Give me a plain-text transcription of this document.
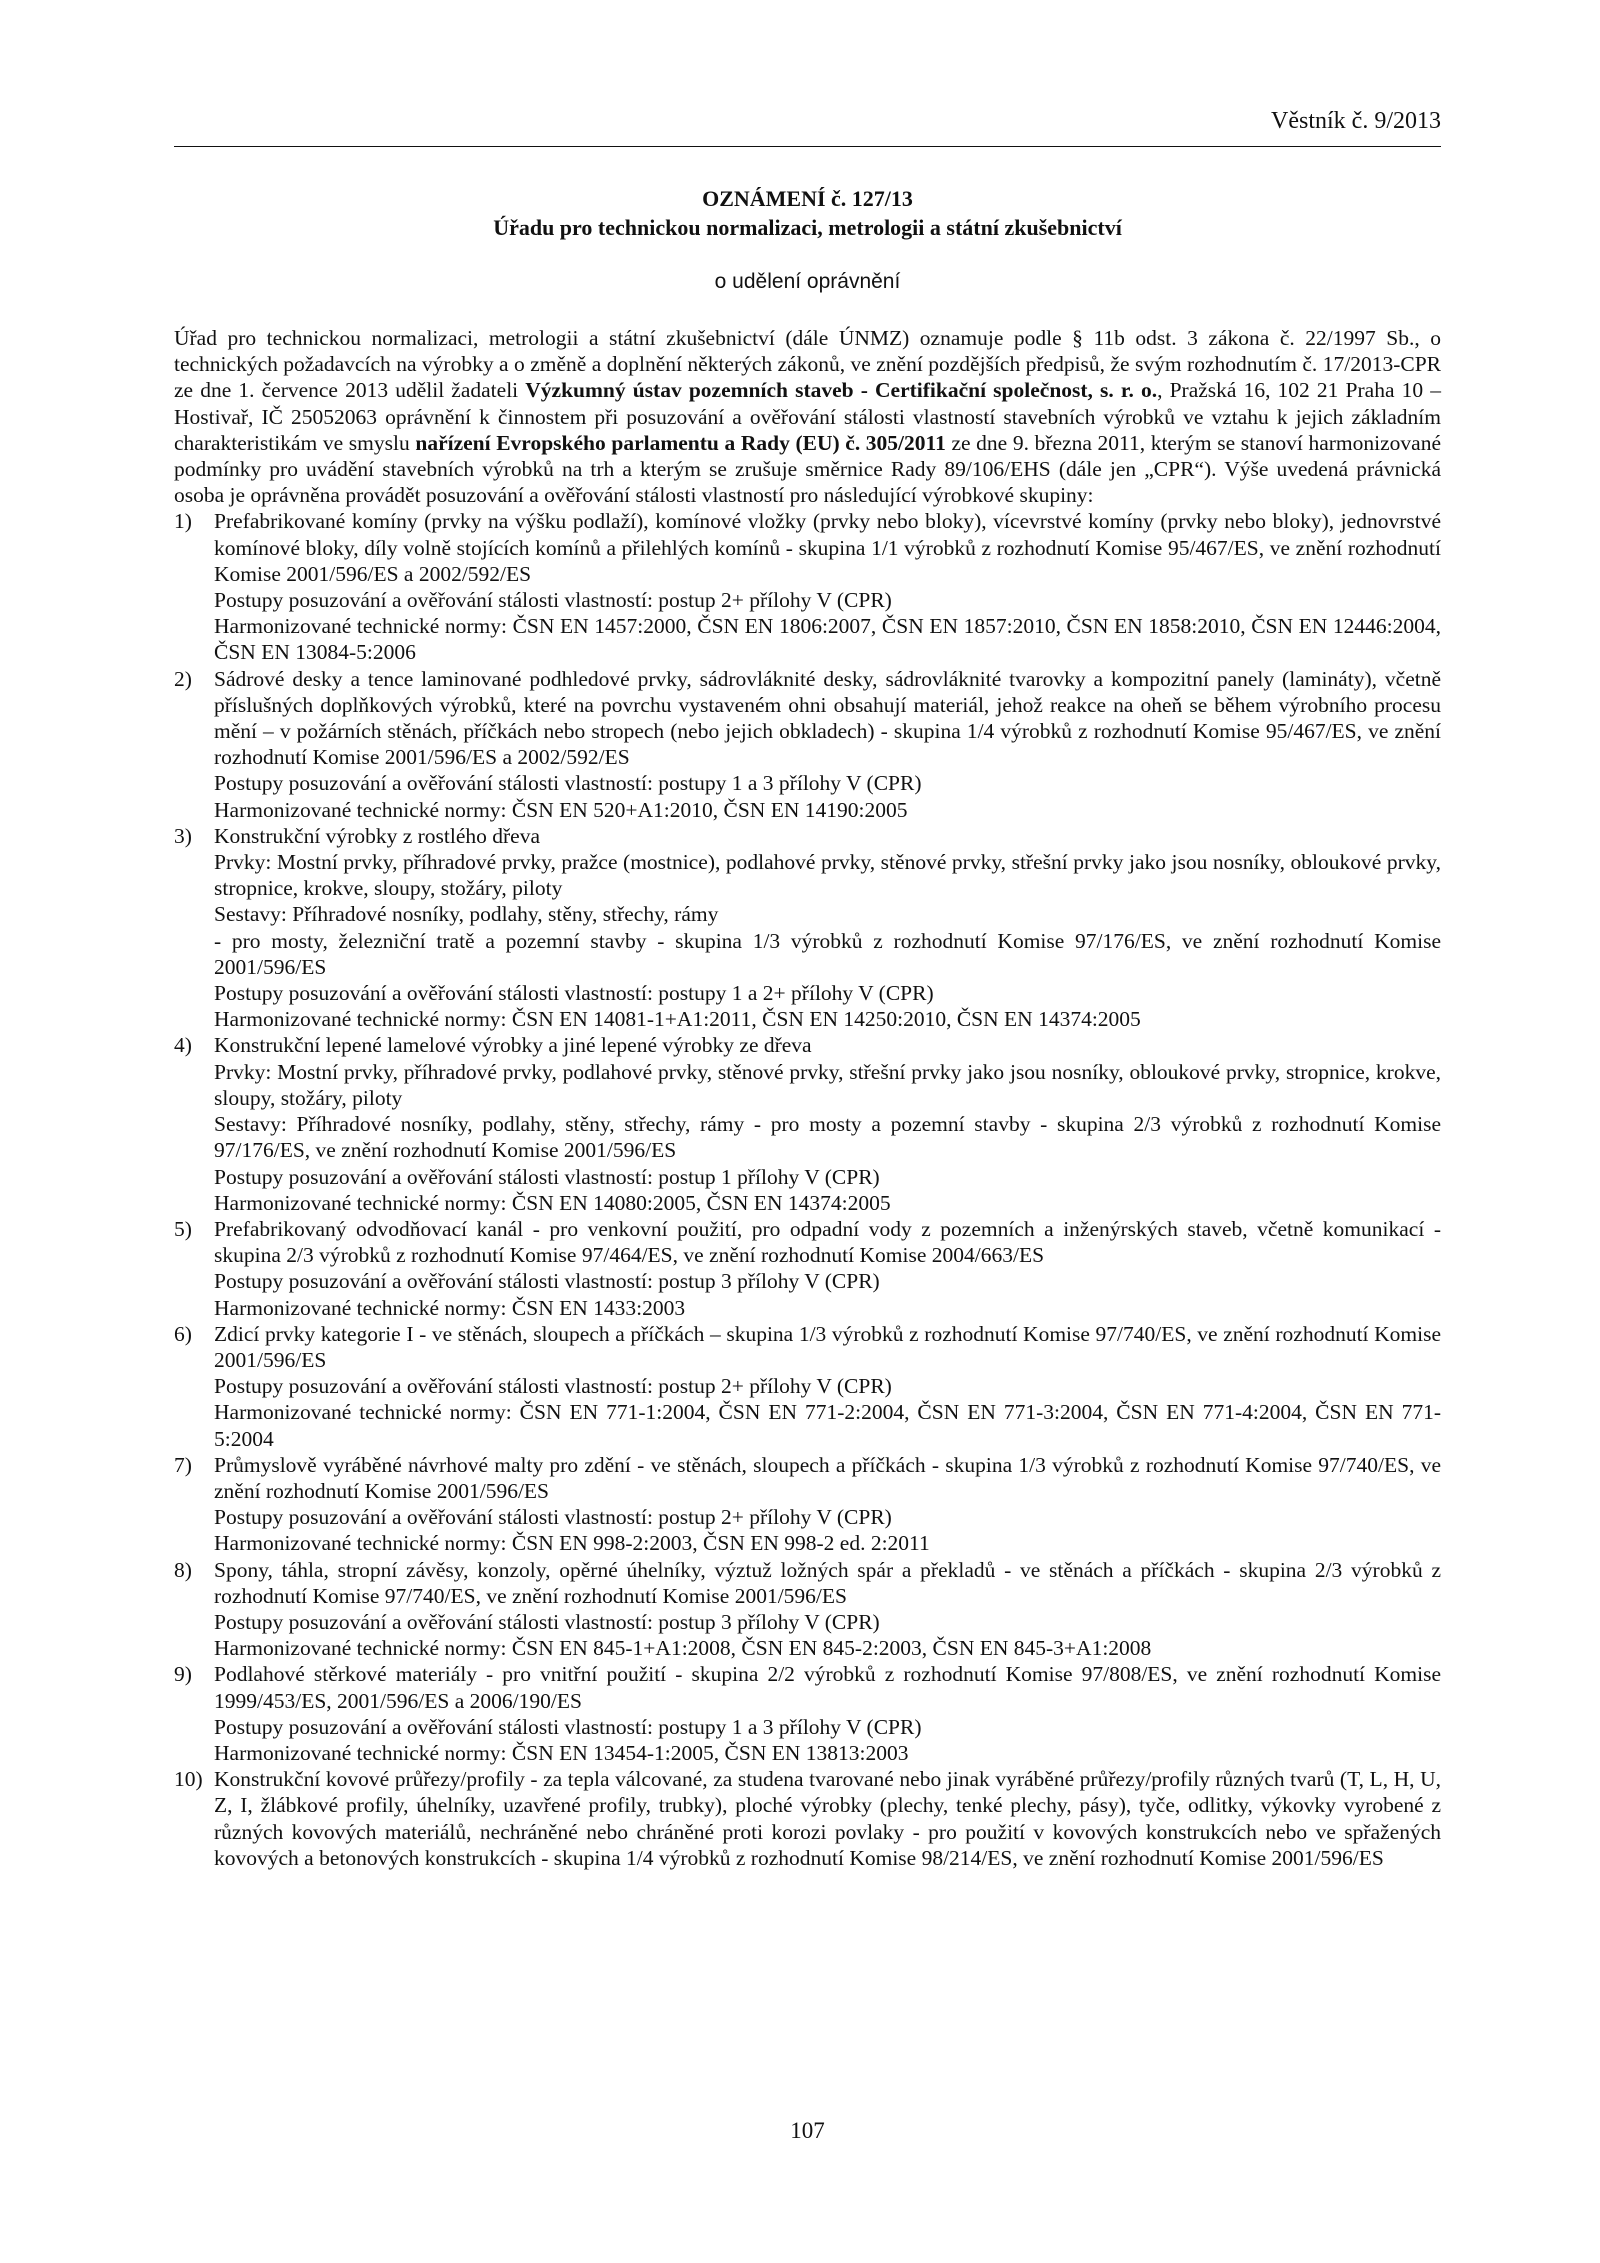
Věstník č. 9/2013
OZNÁMENÍ č. 127/13
Úřadu pro technickou normalizaci, metrologii a státní zkušebnictví
o udělení oprávnění

Úřad pro technickou normalizaci, metrologii a státní zkušebnictví (dále ÚNMZ) oznamuje podle § 11b odst. 3 zákona č. 22/1997 Sb., o technických požadavcích na výrobky a o změně a doplnění některých zákonů, ve znění pozdějších předpisů, že svým rozhodnutím č. 17/2013-CPR ze dne 1. července 2013 udělil žadateli Výzkumný ústav pozemních staveb - Certifikační společnost, s. r. o., Pražská 16, 102 21 Praha 10 – Hostivař, IČ 25052063 oprávnění k činnostem při posuzování a ověřování stálosti vlastností stavebních výrobků ve vztahu k jejich základním charakteristikám ve smyslu nařízení Evropského parlamentu a Rady (EU) č. 305/2011 ze dne 9. března 2011, kterým se stanoví harmonizované podmínky pro uvádění stavebních výrobků na trh a kterým se zrušuje směrnice Rady 89/106/EHS (dále jen „CPR“). Výše uvedená právnická osoba je oprávněna provádět posuzování a ověřování stálosti vlastností pro následující výrobkové skupiny:

1) Prefabrikované komíny (prvky na výšku podlaží), komínové vložky (prvky nebo bloky), vícevrstvé komíny (prvky nebo bloky), jednovrstvé komínové bloky, díly volně stojících komínů a přilehlých komínů - skupina 1/1 výrobků z rozhodnutí Komise 95/467/ES, ve znění rozhodnutí Komise 2001/596/ES a 2002/592/ES
Postupy posuzování a ověřování stálosti vlastností: postup 2+ přílohy V (CPR)
Harmonizované technické normy: ČSN EN 1457:2000, ČSN EN 1806:2007, ČSN EN 1857:2010, ČSN EN 1858:2010, ČSN EN 12446:2004, ČSN EN 13084-5:2006
2) Sádrové desky a tence laminované podhledové prvky, sádrovláknité desky, sádrovláknité tvarovky a kompozitní panely (lamináty), včetně příslušných doplňkových výrobků, které na povrchu vystaveném ohni obsahují materiál, jehož reakce na oheň se během výrobního procesu mění – v požárních stěnách, příčkách nebo stropech (nebo jejich obkladech) - skupina 1/4 výrobků z rozhodnutí Komise 95/467/ES, ve znění rozhodnutí Komise 2001/596/ES a 2002/592/ES
Postupy posuzování a ověřování stálosti vlastností: postupy 1 a 3 přílohy V (CPR)
Harmonizované technické normy: ČSN EN 520+A1:2010, ČSN EN 14190:2005
3) Konstrukční výrobky z rostlého dřeva
Prvky: Mostní prvky, příhradové prvky, pražce (mostnice), podlahové prvky, stěnové prvky, střešní prvky jako jsou nosníky, obloukové prvky, stropnice, krokve, sloupy, stožáry, piloty
Sestavy: Příhradové nosníky, podlahy, stěny, střechy, rámy
- pro mosty, železniční tratě a pozemní stavby - skupina 1/3 výrobků z rozhodnutí Komise 97/176/ES, ve znění rozhodnutí Komise 2001/596/ES
Postupy posuzování a ověřování stálosti vlastností: postupy 1 a 2+ přílohy V (CPR)
Harmonizované technické normy: ČSN EN 14081-1+A1:2011, ČSN EN 14250:2010, ČSN EN 14374:2005
4) Konstrukční lepené lamelové výrobky a jiné lepené výrobky ze dřeva
Prvky: Mostní prvky, příhradové prvky, podlahové prvky, stěnové prvky, střešní prvky jako jsou nosníky, obloukové prvky, stropnice, krokve, sloupy, stožáry, piloty
Sestavy: Příhradové nosníky, podlahy, stěny, střechy, rámy - pro mosty a pozemní stavby - skupina 2/3 výrobků z rozhodnutí Komise 97/176/ES, ve znění rozhodnutí Komise 2001/596/ES
Postupy posuzování a ověřování stálosti vlastností: postup 1 přílohy V (CPR)
Harmonizované technické normy: ČSN EN 14080:2005, ČSN EN 14374:2005
5) Prefabrikovaný odvodňovací kanál - pro venkovní použití, pro odpadní vody z pozemních a inženýrských staveb, včetně komunikací - skupina 2/3 výrobků z rozhodnutí Komise 97/464/ES, ve znění rozhodnutí Komise 2004/663/ES
Postupy posuzování a ověřování stálosti vlastností: postup 3 přílohy V (CPR)
Harmonizované technické normy: ČSN EN 1433:2003
6) Zdicí prvky kategorie I - ve stěnách, sloupech a příčkách – skupina 1/3 výrobků z rozhodnutí Komise 97/740/ES, ve znění rozhodnutí Komise 2001/596/ES
Postupy posuzování a ověřování stálosti vlastností: postup 2+ přílohy V (CPR)
Harmonizované technické normy: ČSN EN 771-1:2004, ČSN EN 771-2:2004, ČSN EN 771-3:2004, ČSN EN 771-4:2004, ČSN EN 771-5:2004
7) Průmyslově vyráběné návrhové malty pro zdění - ve stěnách, sloupech a příčkách - skupina 1/3 výrobků z rozhodnutí Komise 97/740/ES, ve znění rozhodnutí Komise 2001/596/ES
Postupy posuzování a ověřování stálosti vlastností: postup 2+ přílohy V (CPR)
Harmonizované technické normy: ČSN EN 998-2:2003, ČSN EN 998-2 ed. 2:2011
8) Spony, táhla, stropní závěsy, konzoly, opěrné úhelníky, výztuž ložných spár a překladů - ve stěnách a příčkách - skupina 2/3 výrobků z rozhodnutí Komise 97/740/ES, ve znění rozhodnutí Komise 2001/596/ES
Postupy posuzování a ověřování stálosti vlastností: postup 3 přílohy V (CPR)
Harmonizované technické normy: ČSN EN 845-1+A1:2008, ČSN EN 845-2:2003, ČSN EN 845-3+A1:2008
9) Podlahové stěrkové materiály - pro vnitřní použití - skupina 2/2 výrobků z rozhodnutí Komise 97/808/ES, ve znění rozhodnutí Komise 1999/453/ES, 2001/596/ES a 2006/190/ES
Postupy posuzování a ověřování stálosti vlastností: postupy 1 a 3 přílohy V (CPR)
Harmonizované technické normy: ČSN EN 13454-1:2005, ČSN EN 13813:2003
10) Konstrukční kovové průřezy/profily - za tepla válcované, za studena tvarované nebo jinak vyráběné průřezy/profily různých tvarů (T, L, H, U, Z, I, žlábkové profily, úhelníky, uzavřené profily, trubky), ploché výrobky (plechy, tenké plechy, pásy), tyče, odlitky, výkovky vyrobené z různých kovových materiálů, nechráněné nebo chráněné proti korozi povlaky - pro použití v kovových konstrukcích nebo ve spřažených kovových a betonových konstrukcích - skupina 1/4 výrobků z rozhodnutí Komise 98/214/ES, ve znění rozhodnutí Komise 2001/596/ES
107
